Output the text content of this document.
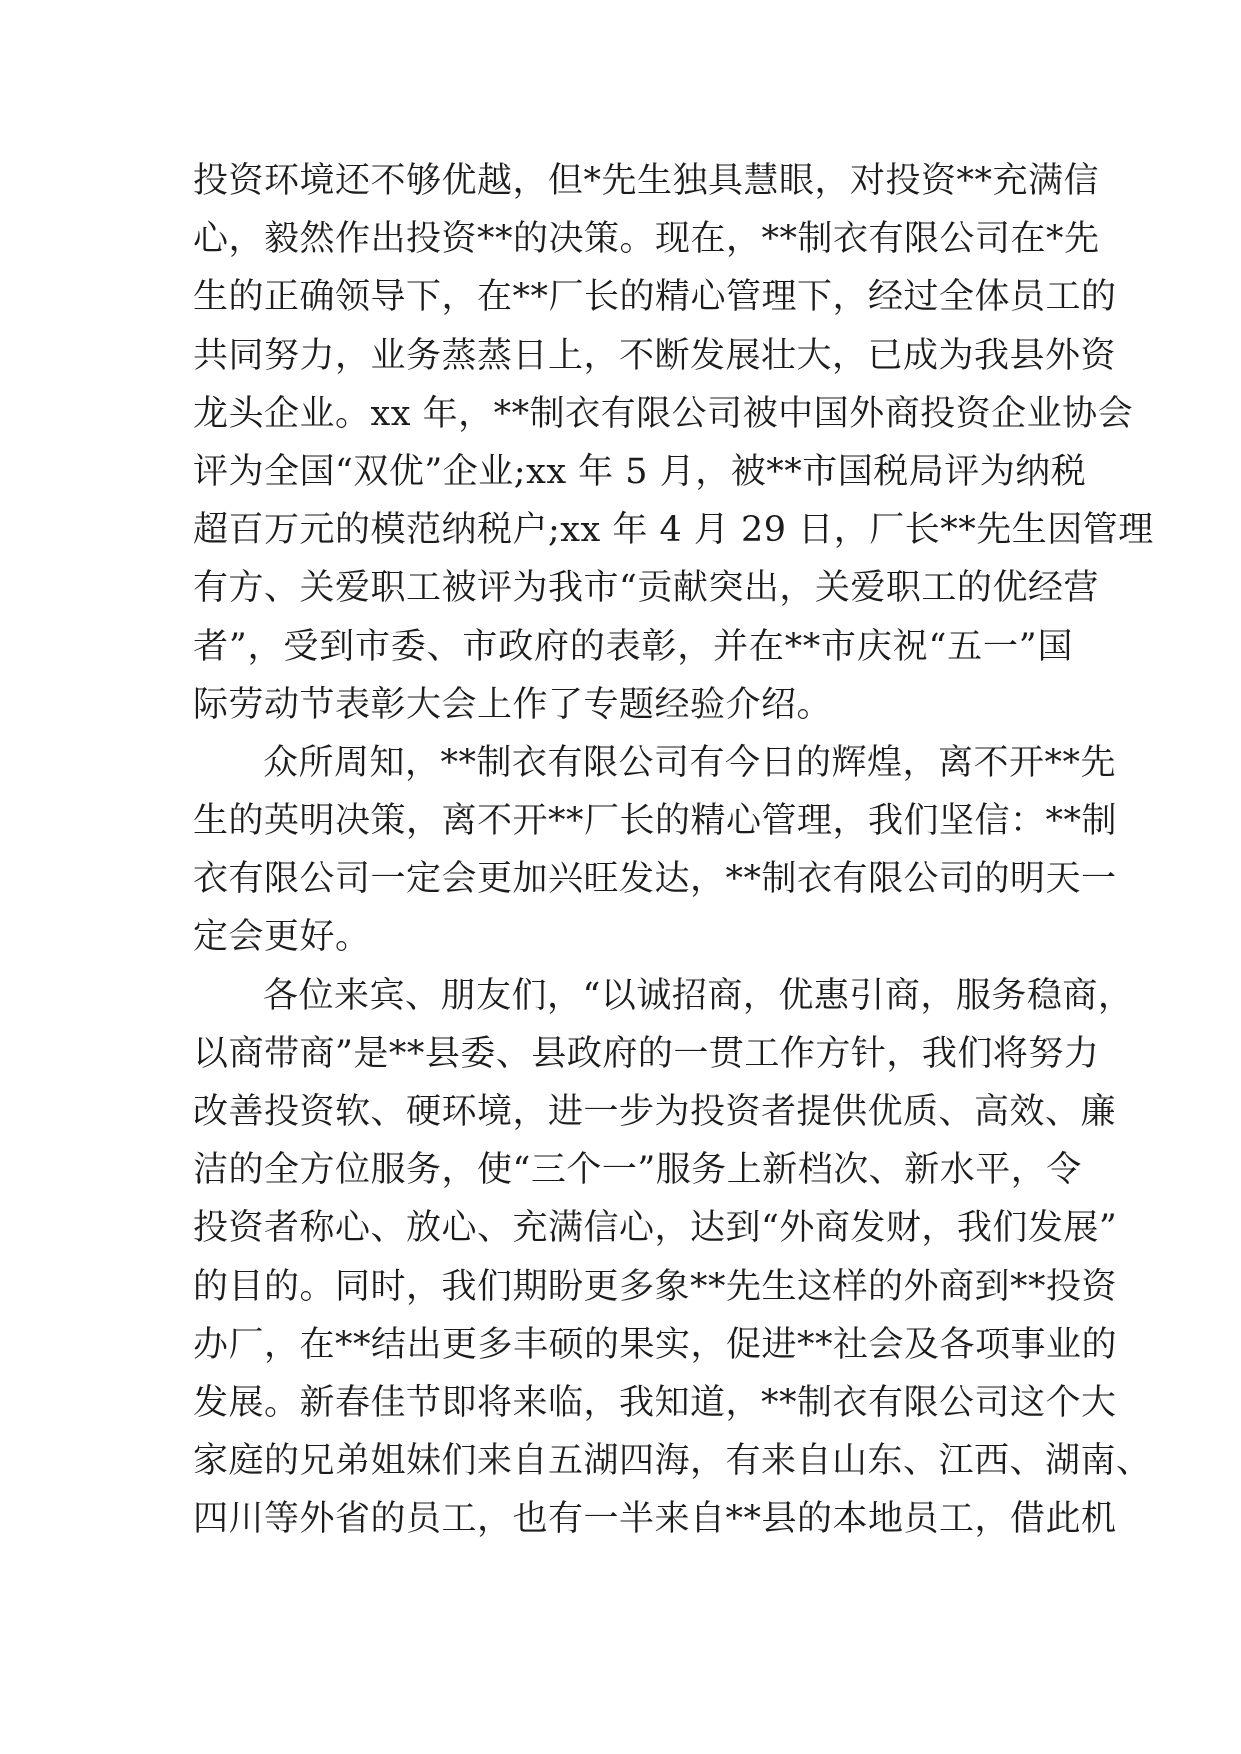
投资环境还不够优越，但*先生独具慧眼，对投资**充满信
心，毅然作出投资**的决策。现在，**制衣有限公司在*先
生的正确领导下，在**厂长的精心管理下，经过全体员工的
共同努力，业务蒸蒸日上，不断发展壮大，已成为我县外资
龙头企业。xx 年，**制衣有限公司被中国外商投资企业协会
评为全国“双优”企业;xx 年 5 月，被**市国税局评为纳税
超百万元的模范纳税户;xx 年 4 月 29 日，厂长**先生因管理
有方、关爱职工被评为我市“贡献突出，关爱职工的优经营
者”，受到市委、市政府的表彰，并在**市庆祝“五一”国
际劳动节表彰大会上作了专题经验介绍。
众所周知，**制衣有限公司有今日的辉煌，离不开**先
生的英明决策，离不开**厂长的精心管理，我们坚信：**制
衣有限公司一定会更加兴旺发达，**制衣有限公司的明天一
定会更好。
各位来宾、朋友们，“以诚招商，优惠引商，服务稳商，
以商带商”是**县委、县政府的一贯工作方针，我们将努力
改善投资软、硬环境，进一步为投资者提供优质、高效、廉
洁的全方位服务，使“三个一”服务上新档次、新水平，令
投资者称心、放心、充满信心，达到“外商发财，我们发展”
的目的。同时，我们期盼更多象**先生这样的外商到**投资
办厂，在**结出更多丰硕的果实，促进**社会及各项事业的
发展。新春佳节即将来临，我知道，**制衣有限公司这个大
家庭的兄弟姐妹们来自五湖四海，有来自山东、江西、湖南、
四川等外省的员工，也有一半来自**县的本地员工，借此机
